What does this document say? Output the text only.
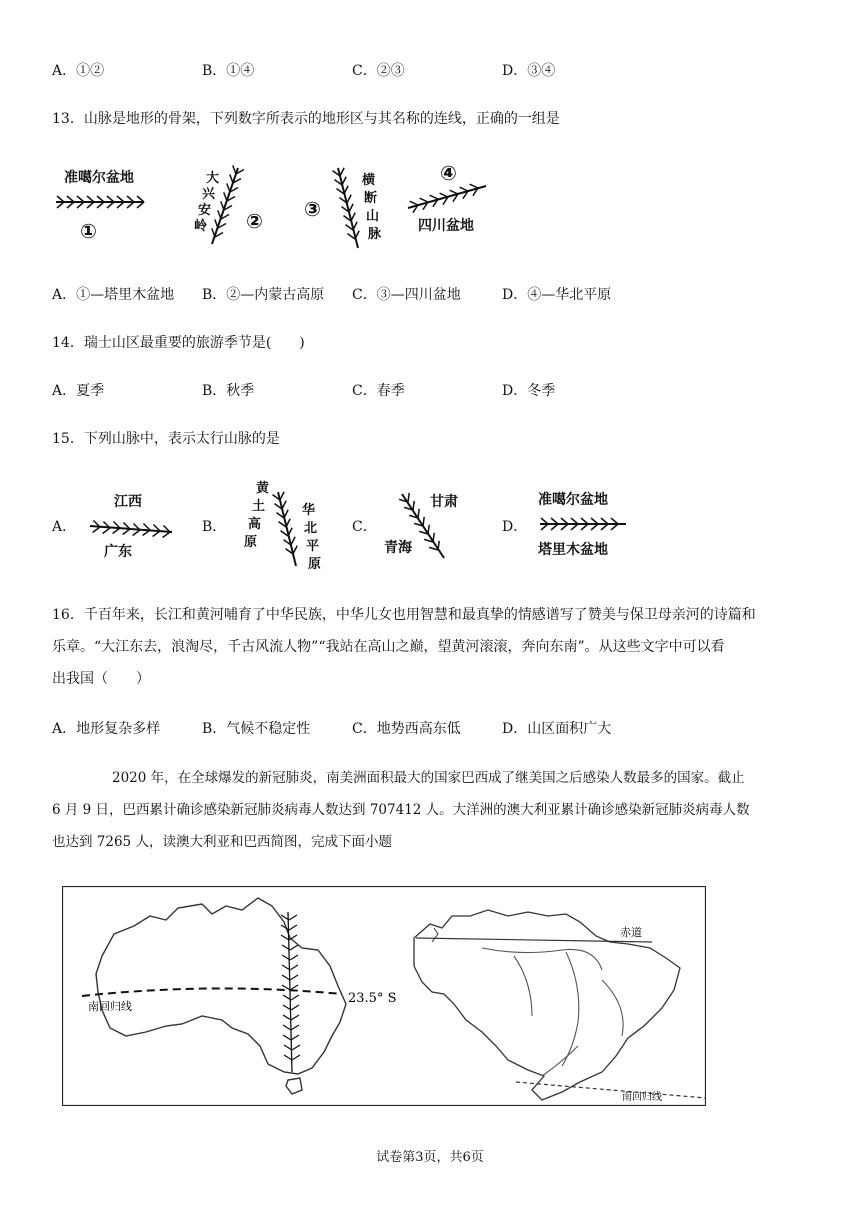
A．①②	B．①④	C．②③	D．③④
13．山脉是地形的骨架，下列数字所表示的地形区与其名称的连线，正确的一组是
准噶尔盆地
①
大
兴
安
岭 ② ③
横
断
山
脉
④
四川盆地
A．①—塔里木盆地 B．②—内蒙古高原 C．③—四川盆地	D．④—华北平原
14．瑞士山区最重要的旅游季节是(　　)
A．夏季	B．秋季	C．春季	D．冬季
15．下列山脉中，表示太行山脉的是
A．	B．	C．	D．
江西
广东
黄
土
高
原
华
北
平
原
甘肃
青海
准噶尔盆地
塔里木盆地
16．千百年来，长江和黄河哺育了中华民族，中华儿女也用智慧和最真挚的情感谱写了赞美与保卫母亲河的诗篇和
乐章。“大江东去，浪淘尽，千古风流人物”“我站在高山之巅，望黄河滚滚，奔向东南”。从这些文字中可以看
出我国（　　）
A．地形复杂多样	B．气候不稳定性	C．地势西高东低	D．山区面积广大
2020 年，在全球爆发的新冠肺炎，南美洲面积最大的国家巴西成了继美国之后感染人数最多的国家。截止
6 月 9 日，巴西累计确诊感染新冠肺炎病毒人数达到 707412 人。大洋洲的澳大利亚累计确诊感染新冠肺炎病毒人数
也达到 7265 人，读澳大利亚和巴西简图，完成下面小题
南回归线
23.5° S
赤道
南回归线
试卷第3页，共6页
